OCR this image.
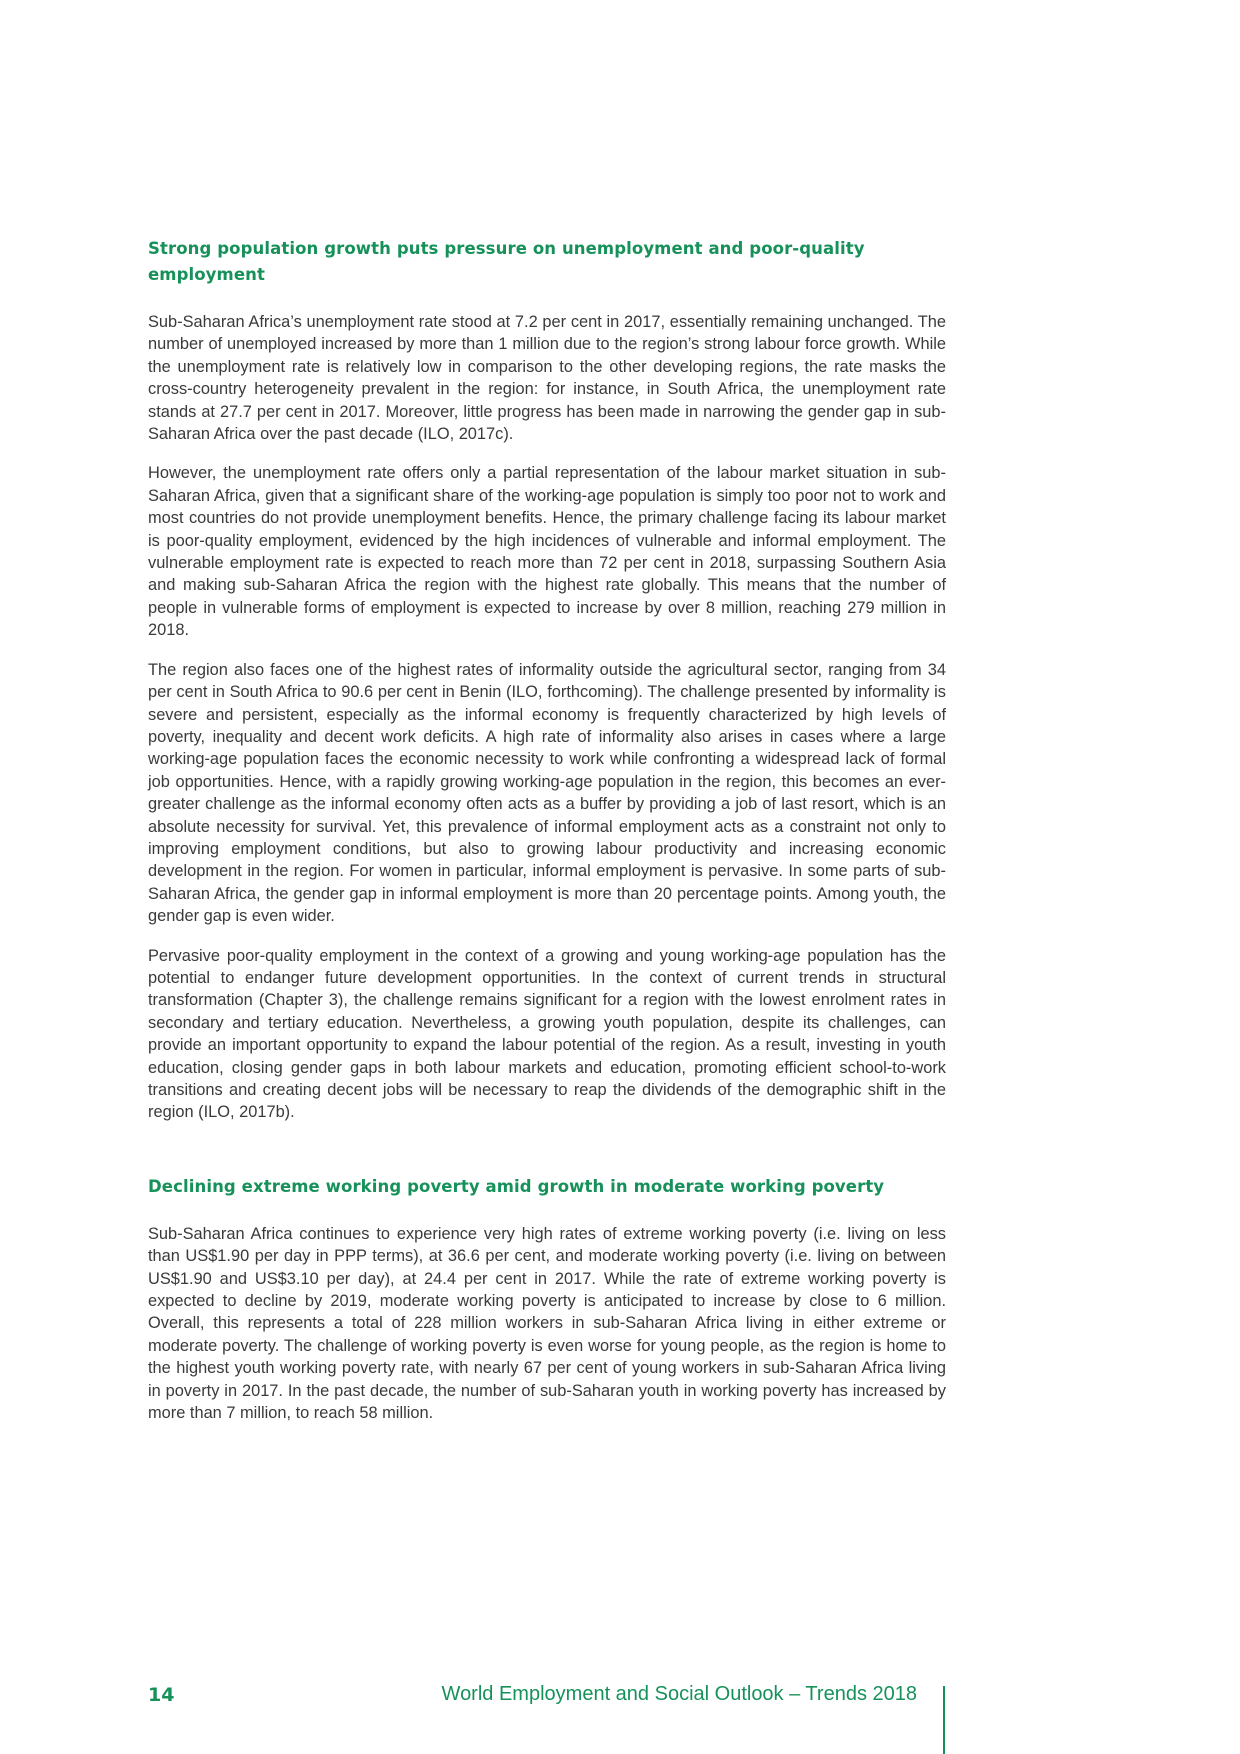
Strong population growth puts pressure on unemployment and poor-quality employment

Sub-Saharan Africa’s unemployment rate stood at 7.2 per cent in 2017, essentially remaining unchanged. The number of unemployed increased by more than 1 million due to the region’s strong labour force growth. While the unemployment rate is relatively low in comparison to the other developing regions, the rate masks the cross-country heterogeneity prevalent in the region: for instance, in South Africa, the unemployment rate stands at 27.7 per cent in 2017. Moreover, little progress has been made in narrowing the gender gap in sub-Saharan Africa over the past decade (ILO, 2017c).

However, the unemployment rate offers only a partial representation of the labour market situation in sub-Saharan Africa, given that a significant share of the working-age population is simply too poor not to work and most countries do not provide unemployment benefits. Hence, the primary challenge facing its labour market is poor-quality employment, evidenced by the high incidences of vulnerable and informal employment. The vulnerable employment rate is expected to reach more than 72 per cent in 2018, surpassing Southern Asia and making sub-Saharan Africa the region with the highest rate globally. This means that the number of people in vulnerable forms of employment is expected to increase by over 8 million, reaching 279 million in 2018.

The region also faces one of the highest rates of informality outside the agricultural sector, ranging from 34 per cent in South Africa to 90.6 per cent in Benin (ILO, forthcoming). The challenge presented by informality is severe and persistent, especially as the informal economy is frequently characterized by high levels of poverty, inequality and decent work deficits. A high rate of informality also arises in cases where a large working-age population faces the economic necessity to work while confronting a widespread lack of formal job opportunities. Hence, with a rapidly growing working-age population in the region, this becomes an ever-greater challenge as the informal economy often acts as a buffer by providing a job of last resort, which is an absolute necessity for survival. Yet, this prevalence of informal employment acts as a constraint not only to improving employment conditions, but also to growing labour productivity and increasing economic development in the region. For women in particular, informal employment is pervasive. In some parts of sub-Saharan Africa, the gender gap in informal employment is more than 20 percentage points. Among youth, the gender gap is even wider.

Pervasive poor-quality employment in the context of a growing and young working-age population has the potential to endanger future development opportunities. In the context of current trends in structural transformation (Chapter 3), the challenge remains significant for a region with the lowest enrolment rates in secondary and tertiary education. Nevertheless, a growing youth population, despite its challenges, can provide an important opportunity to expand the labour potential of the region. As a result, investing in youth education, closing gender gaps in both labour markets and education, promoting efficient school-to-work transitions and creating decent jobs will be necessary to reap the dividends of the demographic shift in the region (ILO, 2017b).

Declining extreme working poverty amid growth in moderate working poverty

Sub-Saharan Africa continues to experience very high rates of extreme working poverty (i.e. living on less than US$1.90 per day in PPP terms), at 36.6 per cent, and moderate working poverty (i.e. living on between US$1.90 and US$3.10 per day), at 24.4 per cent in 2017. While the rate of extreme working poverty is expected to decline by 2019, moderate working poverty is anticipated to increase by close to 6 million. Overall, this represents a total of 228 million workers in sub-Saharan Africa living in either extreme or moderate poverty. The challenge of working poverty is even worse for young people, as the region is home to the highest youth working poverty rate, with nearly 67 per cent of young workers in sub-Saharan Africa living in poverty in 2017. In the past decade, the number of sub-Saharan youth in working poverty has increased by more than 7 million, to reach 58 million.

14	World Employment and Social Outlook – Trends 2018
